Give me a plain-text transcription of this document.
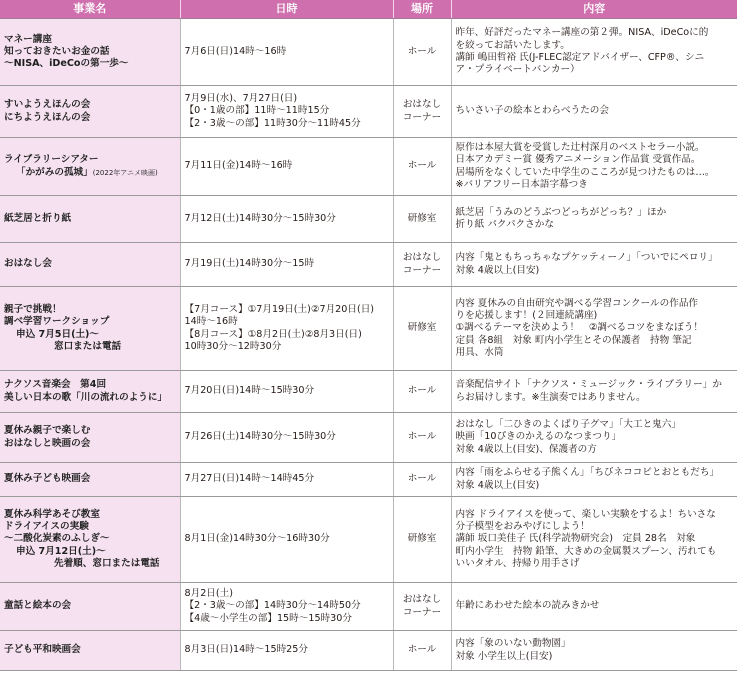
事業名	日時	場所	内容

マネー講座
知っておきたいお金の話
～NISA、iDeCoの第一歩～	7月6日(日)14時～16時	ホール	昨年、好評だったマネー講座の第２弾。NISA、iDeCoに的
を絞ってお話いたします。
講師 嶋田哲裕 氏(J-FLEC認定アドバイザー、CFP®、シニ
ア・プライベートバンカー）

すいようえほんの会
にちようえほんの会	7月9日(水)、7月27日(日)
【0・1歳の部】11時～11時15分
【2・3歳～の部】11時30分～11時45分	おはなし
コーナー	ちいさい子の絵本とわらべうたの会

ライブラリーシアター
「かがみの孤城」(2022年アニメ映画)	7月11日(金)14時～16時	ホール	原作は本屋大賞を受賞した辻村深月のベストセラー小説。
日本アカデミー賞 優秀アニメーション作品賞 受賞作品。
居場所をなくしていた中学生のこころが見つけたものは…。
※バリアフリー日本語字幕つき

紙芝居と折り紙	7月12日(土)14時30分～15時30分	研修室	紙芝居「うみのどうぶつどっちがどっち？」ほか
折り紙 パクパクさかな

おはなし会	7月19日(土)14時30分～15時	おはなし
コーナー	内容「鬼ともちっちゃなプケッティーノ」「ついでにペロリ」
対象 4歳以上(目安)

親子で挑戦！
調べ学習ワークショップ
申込 7月5日(土)～
窓口または電話	【7月コース】①7月19日(土)②7月20日(日)
14時～16時
【8月コース】①8月2日(土)②8月3日(日)
10時30分～12時30分	研修室	内容 夏休みの自由研究や調べる学習コンクールの作品作
りを応援します！(２回連続講座)
①調べるテーマを決めよう！　②調べるコツをまなぼう！
定員 各8組　対象 町内小学生とその保護者　持物 筆記
用具、水筒

ナクソス音楽会　第4回
美しい日本の歌「川の流れのように」	7月20日(日)14時～15時30分	ホール	音楽配信サイト「ナクソス・ミュージック・ライブラリー」か
らお届けします。※生演奏ではありません。

夏休み親子で楽しむ
おはなしと映画の会	7月26日(土)14時30分～15時30分	ホール	おはなし「二ひきのよくばり子グマ」「大工と鬼六」
映画「10ぴきのかえるのなつまつり」
対象 4歳以上(目安)、保護者の方

夏休み子ども映画会	7月27日(日)14時～14時45分	ホール	内容「雨をふらせる子熊くん」「ちびネココビとおともだち」
対象 4歳以上(目安)

夏休み科学あそび教室
ドライアイスの実験
～二酸化炭素のふしぎ～
申込 7月12日(土)～
先着順、窓口または電話	8月1日(金)14時30分～16時30分	研修室	内容 ドライアイスを使って、楽しい実験をするよ！ちいさな
分子模型をおみやげにしよう！
講師 坂口美佳子 氏(科学読物研究会)　定員 28名　対象
町内小学生　持物 鉛筆、大きめの金属製スプーン、汚れても
いいタオル、持帰り用手さげ

童話と絵本の会	8月2日(土)
【2・3歳～の部】14時30分～14時50分
【4歳～小学生の部】15時～15時30分	おはなし
コーナー	年齢にあわせた絵本の読みきかせ

子ども平和映画会	8月3日(日)14時～15時25分	ホール	内容「象のいない動物園」
対象 小学生以上(目安)
